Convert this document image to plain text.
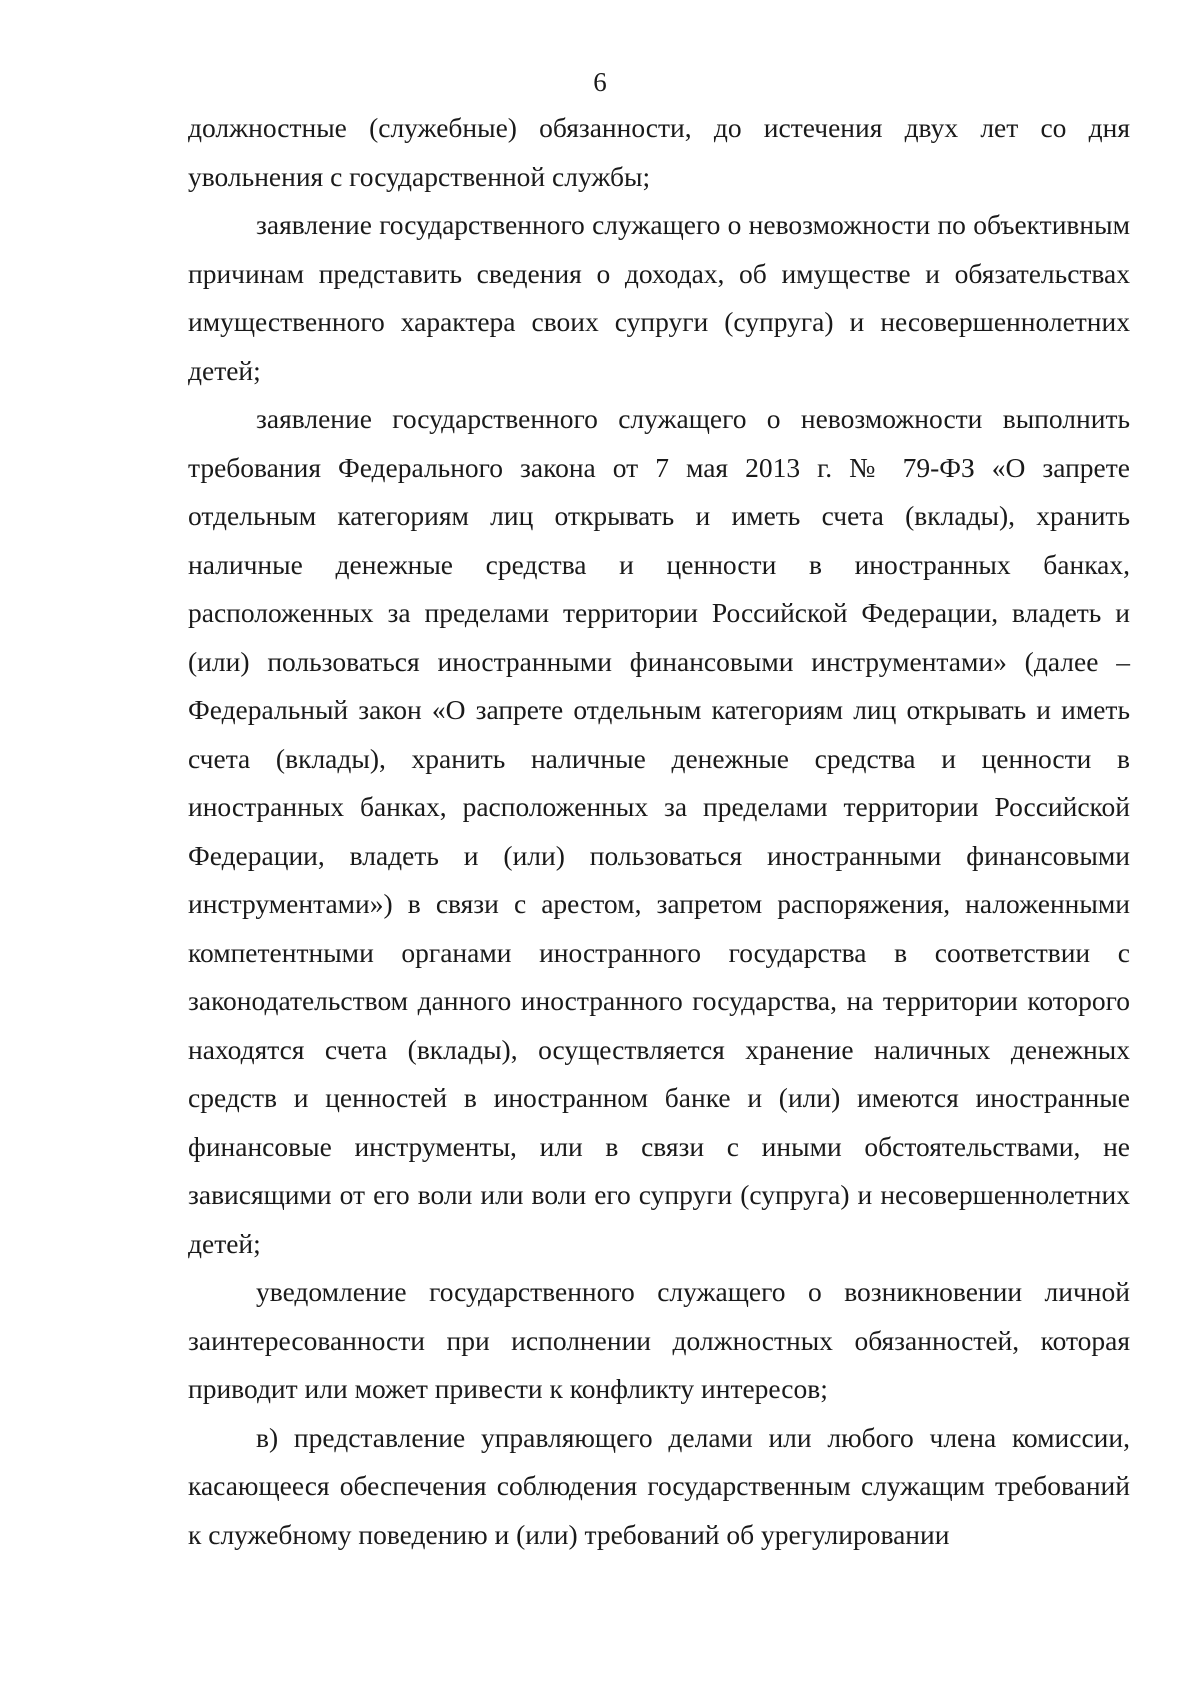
6

должностные (служебные) обязанности, до истечения двух лет со дня увольнения с государственной службы;

заявление государственного служащего о невозможности по объективным причинам представить сведения о доходах, об имуществе и обязательствах имущественного характера своих супруги (супруга) и несовершеннолетних детей;

заявление государственного служащего о невозможности выполнить требования Федерального закона от 7 мая 2013 г. № 79-ФЗ «О запрете отдельным категориям лиц открывать и иметь счета (вклады), хранить наличные денежные средства и ценности в иностранных банках, расположенных за пределами территории Российской Федерации, владеть и (или) пользоваться иностранными финансовыми инструментами» (далее – Федеральный закон «О запрете отдельным категориям лиц открывать и иметь счета (вклады), хранить наличные денежные средства и ценности в иностранных банках, расположенных за пределами территории Российской Федерации, владеть и (или) пользоваться иностранными финансовыми инструментами») в связи с арестом, запретом распоряжения, наложенными компетентными органами иностранного государства в соответствии с законодательством данного иностранного государства, на территории которого находятся счета (вклады), осуществляется хранение наличных денежных средств и ценностей в иностранном банке и (или) имеются иностранные финансовые инструменты, или в связи с иными обстоятельствами, не зависящими от его воли или воли его супруги (супруга) и несовершеннолетних детей;

уведомление государственного служащего о возникновении личной заинтересованности при исполнении должностных обязанностей, которая приводит или может привести к конфликту интересов;

в) представление управляющего делами или любого члена комиссии, касающееся обеспечения соблюдения государственным служащим требований к служебному поведению и (или) требований об урегулировании
